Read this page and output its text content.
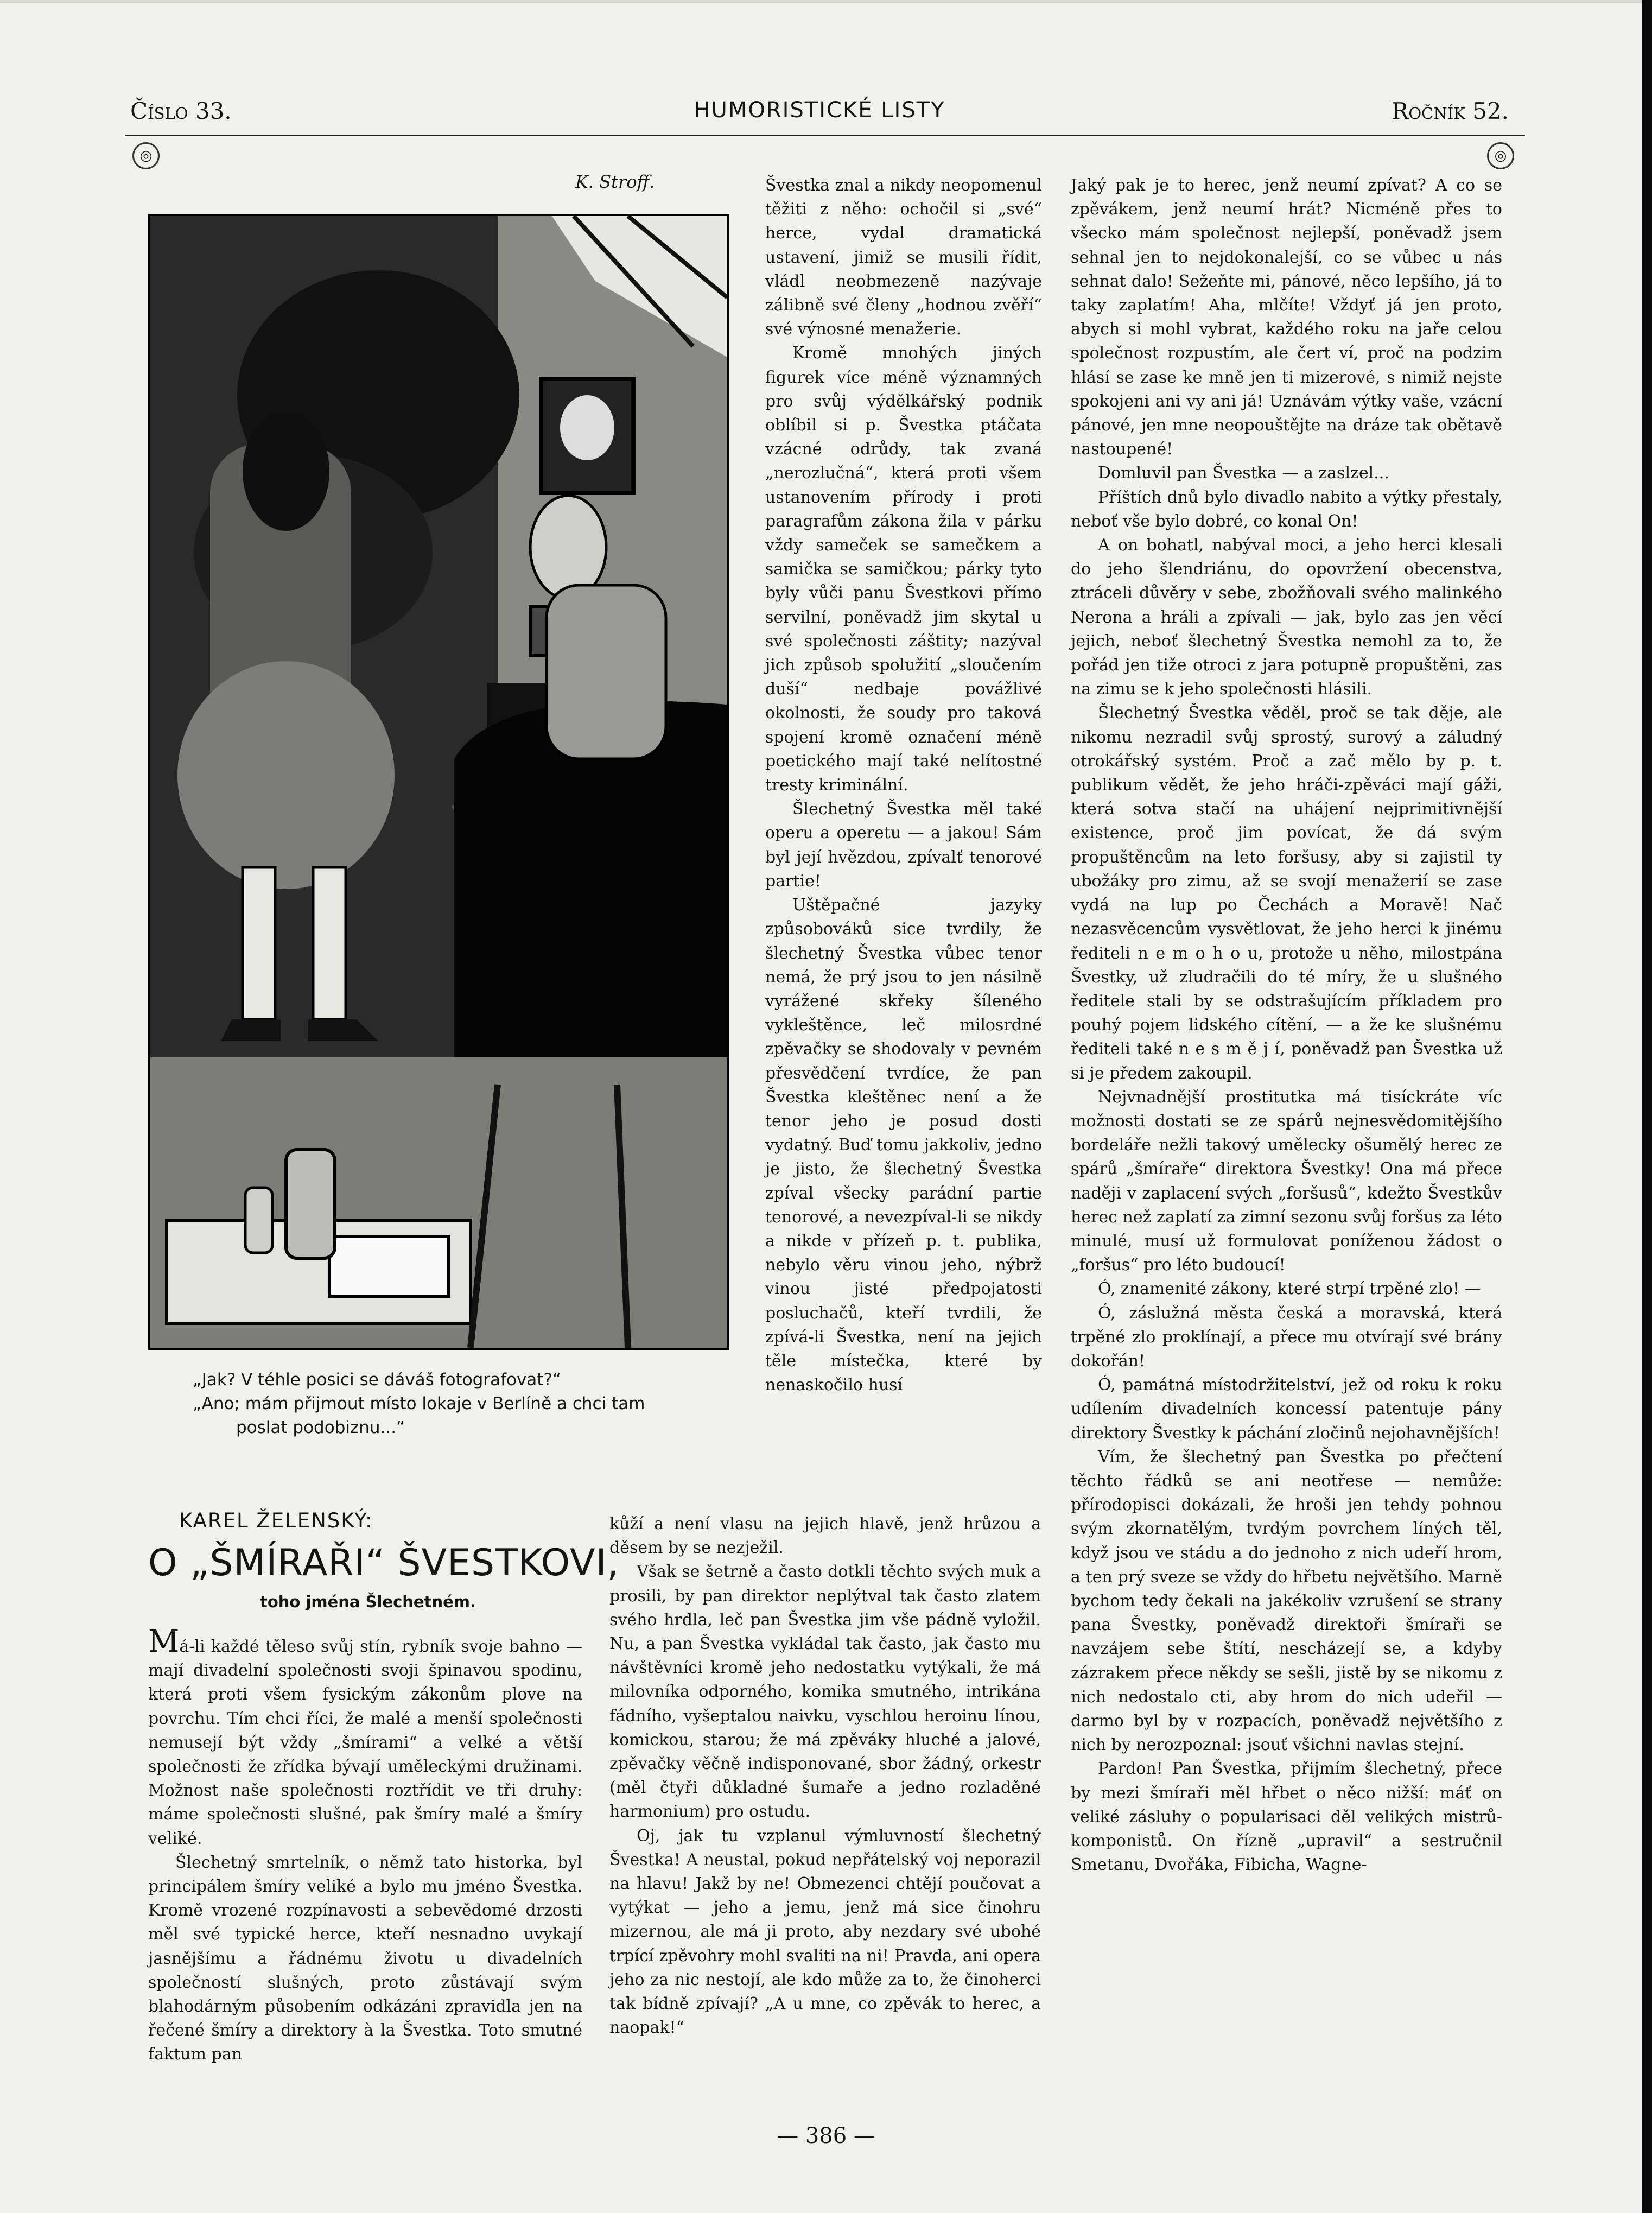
HUMORISTICKÉ LISTY
Číslo 33.	Ročník 52.
◎	◎
K. Stroff.
„Jak? V téhle posici se dáváš fotografovat?“
„Ano; mám přijmout místo lokaje v Berlíně a chci tam
poslat podobiznu...“
KAREL ŽELENSKÝ:
O „ŠMÍRAŘI“ ŠVESTKOVI,
toho jména Šlechetném.

Má-li každé těleso svůj stín, rybník svoje bahno — mají divadelní společnosti svoji špinavou spodinu, která proti všem fysickým zákonům plove na povrchu. Tím chci říci, že malé a menší společnosti nemusejí být vždy „šmírami“ a velké a větší společnosti že zřídka bývají uměleckými družinami. Možnost naše společnosti roztřídit ve tři druhy: máme společnosti slušné, pak šmíry malé a šmíry veliké.

Šlechetný smrtelník, o němž tato historka, byl principálem šmíry veliké a bylo mu jméno Švestka. Kromě vrozené rozpínavosti a sebevědomé drzosti měl své typické herce, kteří nesnadno uvykají jasnějšímu a řádnému životu u divadelních společností slušných, proto zůstávají svým blahodárným působením odkázáni zpravidla jen na řečené šmíry a direktory à la Švestka. Toto smutné faktum pan

Švestka znal a nikdy neopomenul těžiti z něho: ochočil si „své“ herce, vydal dramatická ustavení, jimiž se musili řídit, vládl neobmezeně nazývaje zálibně své členy „hodnou zvěří“ své výnosné menažerie.

Kromě mnohých jiných figurek více méně významných pro svůj výdělkářský podnik oblíbil si p. Švestka ptáčata vzácné odrůdy, tak zvaná „nerozlučná“, která proti všem ustanovením přírody i proti paragrafům zákona žila v párku vždy sameček se samečkem a samička se samičkou; párky tyto byly vůči panu Švestkovi přímo servilní, poněvadž jim skytal u své společnosti záštity; nazýval jich způsob spolužití „sloučením duší“ nedbaje povážlivé okolnosti, že soudy pro taková spojení kromě označení méně poetického mají také nelítostné tresty kriminální.

Šlechetný Švestka měl také operu a operetu — a jakou! Sám byl její hvězdou, zpívalť tenorové partie!

Uštěpačné jazyky způsobováků sice tvrdily, že šlechetný Švestka vůbec tenor nemá, že prý jsou to jen násilně vyrážené skřeky šíleného vykleštěnce, leč milosrdné zpěvačky se shodovaly v pevném přesvědčení tvrdíce, že pan Švestka kleštěnec není a že tenor jeho je posud dosti vydatný. Buď tomu jakkoliv, jedno je jisto, že šlechetný Švestka zpíval všecky parádní partie tenorové, a nevezpíval-li se nikdy a nikde v přízeň p. t. publika, nebylo věru vinou jeho, nýbrž vinou jisté předpojatosti posluchačů, kteří tvrdili, že zpívá-li Švestka, není na jejich těle místečka, které by nenaskočilo husí

kůží a není vlasu na jejich hlavě, jenž hrůzou a děsem by se nezježil.

Však se šetrně a často dotkli těchto svých muk a prosili, by pan direktor neplýtval tak často zlatem svého hrdla, leč pan Švestka jim vše pádně vyložil. Nu, a pan Švestka vykládal tak často, jak často mu návštěvníci kromě jeho nedostatku vytýkali, že má milovníka odporného, komika smutného, intrikána fádního, vyšeptalou naivku, vyschlou heroinu línou, komickou, starou; že má zpěváky hluché a jalové, zpěvačky věčně indisponované, sbor žádný, orkestr (měl čtyři důkladné šumaře a jedno rozladěné harmonium) pro ostudu.

Oj, jak tu vzplanul výmluvností šlechetný Švestka! A neustal, pokud nepřátelský voj neporazil na hlavu! Jakž by ne! Obmezenci chtějí poučovat a vytýkat — jeho a jemu, jenž má sice činohru mizernou, ale má ji proto, aby nezdary své ubohé trpící zpěvohry mohl svaliti na ni! Pravda, ani opera jeho za nic nestojí, ale kdo může za to, že činoherci tak bídně zpívají? „A u mne, co zpěvák to herec, a naopak!“

Jaký pak je to herec, jenž neumí zpívat? A co se zpěvákem, jenž neumí hrát? Nicméně přes to všecko mám společnost nejlepší, poněvadž jsem sehnal jen to nejdokonalejší, co se vůbec u nás sehnat dalo! Sežeňte mi, pánové, něco lepšího, já to taky zaplatím! Aha, mlčíte! Vždyť já jen proto, abych si mohl vybrat, každého roku na jaře celou společnost rozpustím, ale čert ví, proč na podzim hlásí se zase ke mně jen ti mizerové, s nimiž nejste spokojeni ani vy ani já! Uznávám výtky vaše, vzácní pánové, jen mne neopouštějte na dráze tak obětavě nastoupené!

Domluvil pan Švestka — a zaslzel...

Příštích dnů bylo divadlo nabito a výtky přestaly, neboť vše bylo dobré, co konal On!

A on bohatl, nabýval moci, a jeho herci klesali do jeho šlendriánu, do opovržení obecenstva, ztráceli důvěry v sebe, zbožňovali svého malinkého Nerona a hráli a zpívali — jak, bylo zas jen věcí jejich, neboť šlechetný Švestka nemohl za to, že pořád jen tiže otroci z jara potupně propuštěni, zas na zimu se k jeho společnosti hlásili.

Šlechetný Švestka věděl, proč se tak děje, ale nikomu nezradil svůj sprostý, surový a záludný otrokářský systém. Proč a zač mělo by p. t. publikum vědět, že jeho hráči-zpěváci mají gáži, která sotva stačí na uhájení nejprimitivnější existence, proč jim povícat, že dá svým propuštěncům na leto foršusy, aby si zajistil ty ubožáky pro zimu, až se svojí menažerií se zase vydá na lup po Čechách a Moravě! Nač nezasvěcencům vysvětlovat, že jeho herci k jinému řediteli n e m o h o u, protože u něho, milostpána Švestky, už zludračili do té míry, že u slušného ředitele stali by se odstrašujícím příkladem pro pouhý pojem lidského cítění, — a že ke slušnému řediteli také n e s m ě j í, poněvadž pan Švestka už si je předem zakoupil.

Nejvnadnější prostitutka má tisíckráte víc možnosti dostati se ze spárů nejnesvědomitějšího bordeláře nežli takový umělecky ošumělý herec ze spárů „šmíraře“ direktora Švestky! Ona má přece naději v zaplacení svých „foršusů“, kdežto Švestkův herec než zaplatí za zimní sezonu svůj foršus za léto minulé, musí už formulovat poníženou žádost o „foršus“ pro léto budoucí!

Ó, znamenité zákony, které strpí trpěné zlo! —

Ó, záslužná města česká a moravská, která trpěné zlo proklínají, a přece mu otvírají své brány dokořán!

Ó, památná místodržitelství, jež od roku k roku udílením divadelních koncessí patentuje pány direktory Švestky k páchání zločinů nejohavnějších!

Vím, že šlechetný pan Švestka po přečtení těchto řádků se ani neotřese — nemůže: přírodopisci dokázali, že hroši jen tehdy pohnou svým zkornatělým, tvrdým povrchem líných těl, když jsou ve stádu a do jednoho z nich udeří hrom, a ten prý sveze se vždy do hřbetu největšího. Marně bychom tedy čekali na jakékoliv vzrušení se strany pana Švestky, poněvadž direktoři šmíraři se navzájem sebe štítí, nescházejí se, a kdyby zázrakem přece někdy se sešli, jistě by se nikomu z nich nedostalo cti, aby hrom do nich udeřil — darmo byl by v rozpacích, poněvadž největšího z nich by nerozpoznal: jsouť všichni navlas stejní.

Pardon! Pan Švestka, přijmím šlechetný, přece by mezi šmíraři měl hřbet o něco nižší: máť on veliké zásluhy o popularisaci děl velikých mistrů-komponistů. On řízně „upravil“ a sestručnil Smetanu, Dvořáka, Fibicha, Wagne-

— 386 —
